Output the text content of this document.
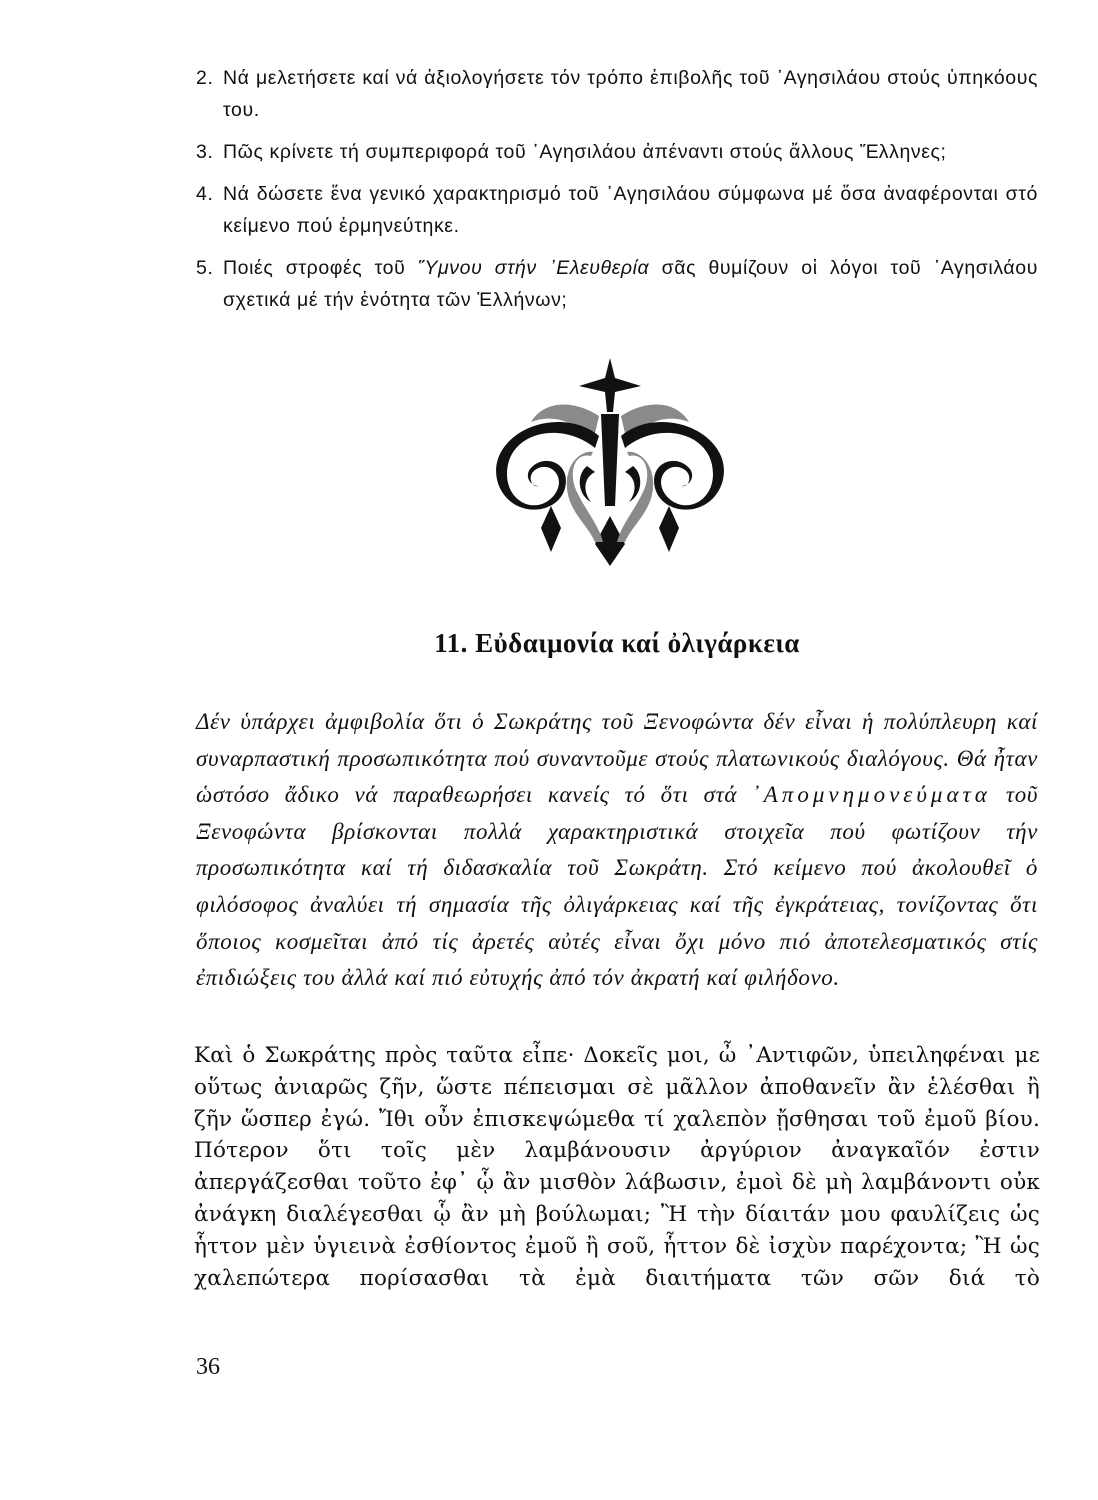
2. Νά μελετήσετε καί νά ἀξιολογήσετε τόν τρόπο ἐπιβολῆς τοῦ ᾿Αγησιλάου στούς ὑπηκόους του.
3. Πῶς κρίνετε τή συμπεριφορά τοῦ ᾿Αγησιλάου ἀπέναντι στούς ἄλλους Ἕλληνες;
4. Νά δώσετε ἕνα γενικό χαρακτηρισμό τοῦ ᾿Αγησιλάου σύμφωνα μέ ὅσα ἀναφέρονται στό κείμενο πού ἑρμηνεύτηκε.
5. Ποιές στροφές τοῦ Ὕμνου στήν ᾿Ελευθερία σᾶς θυμίζουν οἱ λόγοι τοῦ ᾿Αγησιλάου σχετικά μέ τήν ἑνότητα τῶν Ἑλλήνων;
11. Εὐδαιμονία καί ὀλιγάρκεια
Δέν ὑπάρχει ἀμφιβολία ὅτι ὁ Σωκράτης τοῦ Ξενοφώντα δέν εἶναι ἡ πολύπλευρη καί συναρπαστική προσωπικότητα πού συναντοῦμε στούς πλατωνικούς διαλόγους. Θά ἦταν ὡστόσο ἄδικο νά παραθεωρήσει κανείς τό ὅτι στά ᾿Απομνημονεύματα τοῦ Ξενοφώντα βρίσκονται πολλά χαρακτηριστικά στοιχεῖα πού φωτίζουν τήν προσωπικότητα καί τή διδασκαλία τοῦ Σωκράτη. Στό κείμενο πού ἀκολουθεῖ ὁ φιλόσοφος ἀναλύει τή σημασία τῆς ὀλιγάρκειας καί τῆς ἐγκράτειας, τονίζοντας ὅτι ὅποιος κοσμεῖται ἀπό τίς ἀρετές αὐτές εἶναι ὄχι μόνο πιό ἀποτελεσματικός στίς ἐπιδιώξεις του ἀλλά καί πιό εὐτυχής ἀπό τόν ἀκρατή καί φιλήδονο.
Καὶ ὁ Σωκράτης πρὸς ταῦτα εἶπε· Δοκεῖς μοι, ὦ ᾿Αντιφῶν, ὑπειληφέναι με οὕτως ἀνιαρῶς ζῆν, ὥστε πέπεισμαι σὲ μᾶλλον ἀποθανεῖν ἂν ἑλέσθαι ἢ ζῆν ὥσπερ ἐγώ. Ἴθι οὖν ἐπισκεψώμεθα τί χαλεπὸν ᾔσθησαι τοῦ ἐμοῦ βίου. Πότερον ὅτι τοῖς μὲν λαμβάνουσιν ἀργύριον ἀναγκαῖόν ἐστιν ἀπεργάζεσθαι τοῦτο ἐφ᾿ ᾧ ἂν μισθὸν λάβωσιν, ἐμοὶ δὲ μὴ λαμβάνοντι οὐκ ἀνάγκη διαλέγεσθαι ᾧ ἂν μὴ βούλωμαι; Ἢ τὴν δίαιτάν μου φαυλίζεις ὡς ἧττον μὲν ὑγιεινὰ ἐσθίοντος ἐμοῦ ἢ σοῦ, ἧττον δὲ ἰσχὺν παρέχοντα; Ἢ ὡς χαλεπώτερα πορίσασθαι τὰ ἐμὰ διαιτήματα τῶν σῶν διά τὸ
36
